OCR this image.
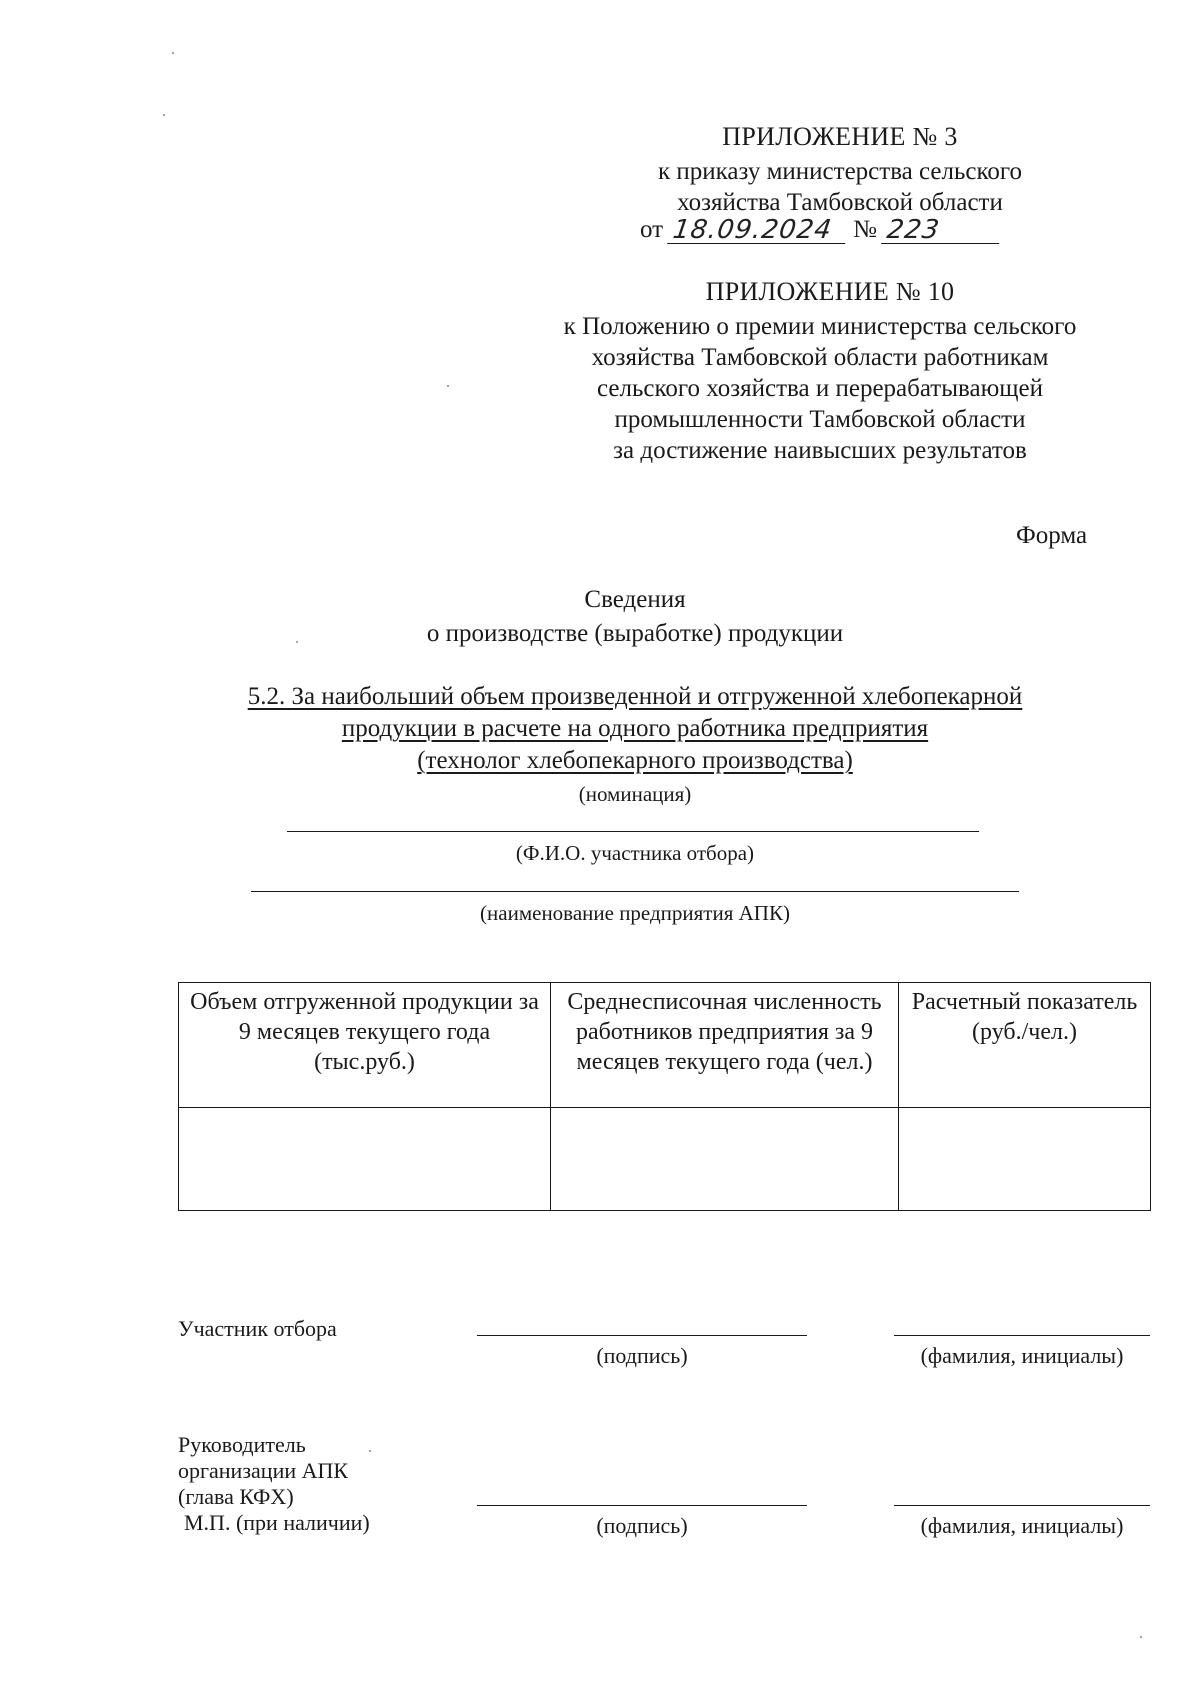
ПРИЛОЖЕНИЕ № 3
к приказу министерства сельского
хозяйства Тамбовской области
от 18.09.2024 № 223
ПРИЛОЖЕНИЕ № 10
к Положению о премии министерства сельского
хозяйства Тамбовской области работникам
сельского хозяйства и перерабатывающей
промышленности Тамбовской области
за достижение наивысших результатов
Форма
Сведения
о производстве (выработке) продукции
5.2. За наибольший объем произведенной и отгруженной хлебопекарной
продукции в расчете на одного работника предприятия
(технолог хлебопекарного производства)
(номинация)
(Ф.И.О. участника отбора)
(наименование предприятия АПК)
Объем отгруженной продукции за 9 месяцев текущего года (тыс.руб.)	Среднесписочная численность работников предприятия за 9 месяцев текущего года (чел.)	Расчетный показатель (руб./чел.)

Участник отбора
(подпись)	(фамилия, инициалы)
Руководитель
организации АПК
(глава КФХ)
М.П. (при наличии)	(подпись)	(фамилия, инициалы)
